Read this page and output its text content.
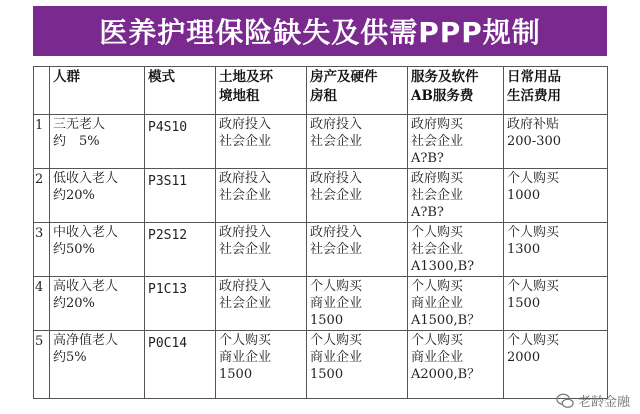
医养护理保险缺失及供需PPP规制

	人群	模式	土地及环
境地租	房产及硬件
房租	服务及软件
AB服务费	日常用品
生活费用

1	三无老人
约　5%	P4S10	政府投入
社会企业	政府投入
社会企业	政府购买
社会企业
A?B?	政府补贴
200-300

2	低收入老人
约20%	P3S11	政府投入
社会企业	政府投入
社会企业	政府购买
社会企业
A?B?	个人购买
1000

3	中收入老人
约50%	P2S12	政府投入
社会企业	政府投入
社会企业	个人购买
社会企业
A1300,B?	个人购买
1300

4	高收入老人
约20%	P1C13	政府投入
社会企业	个人购买
商业企业
1500	个人购买
商业企业
A1500,B？	个人购买
1500

5	高净值老人
约5%	P0C14	个人购买
商业企业
1500	个人购买
商业企业
1500	个人购买
商业企业
A2000,B？	个人购买
2000
老龄金融
